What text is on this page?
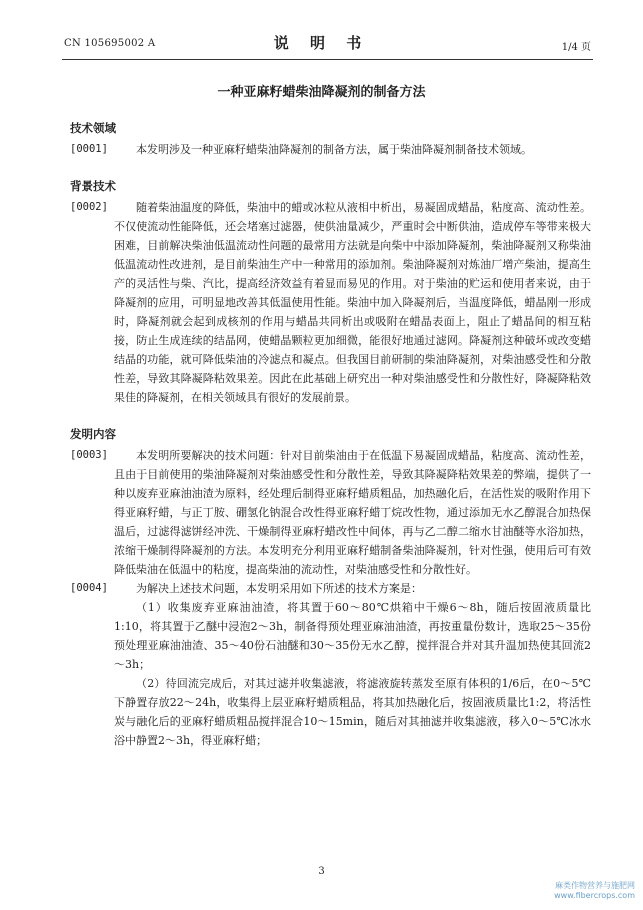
CN 105695002 A	说 明 书	1/4 页
一种亚麻籽蜡柴油降凝剂的制备方法
技术领域
[0001]	本发明涉及一种亚麻籽蜡柴油降凝剂的制备方法，属于柴油降凝剂制备技术领域。
背景技术
[0002]	随着柴油温度的降低，柴油中的蜡或冰粒从液相中析出，易凝固成蜡晶，粘度高、流动性差。不仅使流动性能降低，还会堵塞过滤器，使供油量减少，严重时会中断供油，造成停车等带来极大困难，目前解决柴油低温流动性问题的最常用方法就是向柴中中添加降凝剂，柴油降凝剂又称柴油低温流动性改进剂，是目前柴油生产中一种常用的添加剂。柴油降凝剂对炼油厂增产柴油，提高生产的灵活性与柴、汽比，提高经济效益有着显而易见的作用。对于柴油的贮运和使用者来说，由于降凝剂的应用，可明显地改善其低温使用性能。柴油中加入降凝剂后，当温度降低，蜡晶刚一形成时，降凝剂就会起到成核剂的作用与蜡晶共同析出或吸附在蜡晶表面上，阻止了蜡晶间的相互粘接，防止生成连续的结晶网，使蜡晶颗粒更加细微，能很好地通过滤网。降凝剂这种破坏或改变蜡结晶的功能，就可降低柴油的冷滤点和凝点。但我国目前研制的柴油降凝剂，对柴油感受性和分散性差，导致其降凝降粘效果差。因此在此基础上研究出一种对柴油感受性和分散性好，降凝降粘效果佳的降凝剂，在相关领域具有很好的发展前景。
发明内容
[0003]	本发明所要解决的技术问题：针对目前柴油由于在低温下易凝固成蜡晶，粘度高、流动性差，且由于目前使用的柴油降凝剂对柴油感受性和分散性差，导致其降凝降粘效果差的弊端，提供了一种以废弃亚麻油油渣为原料，经处理后制得亚麻籽蜡质粗品，加热融化后，在活性炭的吸附作用下得亚麻籽蜡，与正丁胺、硼氢化钠混合改性得亚麻籽蜡丁烷改性物，通过添加无水乙醇混合加热保温后，过滤得滤饼经冲洗、干燥制得亚麻籽蜡改性中间体，再与乙二醇二缩水甘油醚等水浴加热，浓缩干燥制得降凝剂的方法。本发明充分利用亚麻籽蜡制备柴油降凝剂，针对性强，使用后可有效降低柴油在低温中的粘度，提高柴油的流动性，对柴油感受性和分散性好。
[0004]	为解决上述技术问题，本发明采用如下所述的技术方案是：
（1）收集废弃亚麻油油渣，将其置于60～80℃烘箱中干燥6～8h，随后按固液质量比1:10，将其置于乙醚中浸泡2～3h，制备得预处理亚麻油油渣，再按重量份数计，选取25～35份预处理亚麻油油渣、35～40份石油醚和30～35份无水乙醇，搅拌混合并对其升温加热使其回流2～3h；
（2）待回流完成后，对其过滤并收集滤液，将滤液旋转蒸发至原有体积的1/6后，在0～5℃下静置存放22～24h，收集得上层亚麻籽蜡质粗品，将其加热融化后，按固液质量比1:2，将活性炭与融化后的亚麻籽蜡质粗品搅拌混合10～15min，随后对其抽滤并收集滤液，移入0～5℃冰水浴中静置2～3h，得亚麻籽蜡；
3
麻类作物营养与施肥网
www.fibercrops.com
